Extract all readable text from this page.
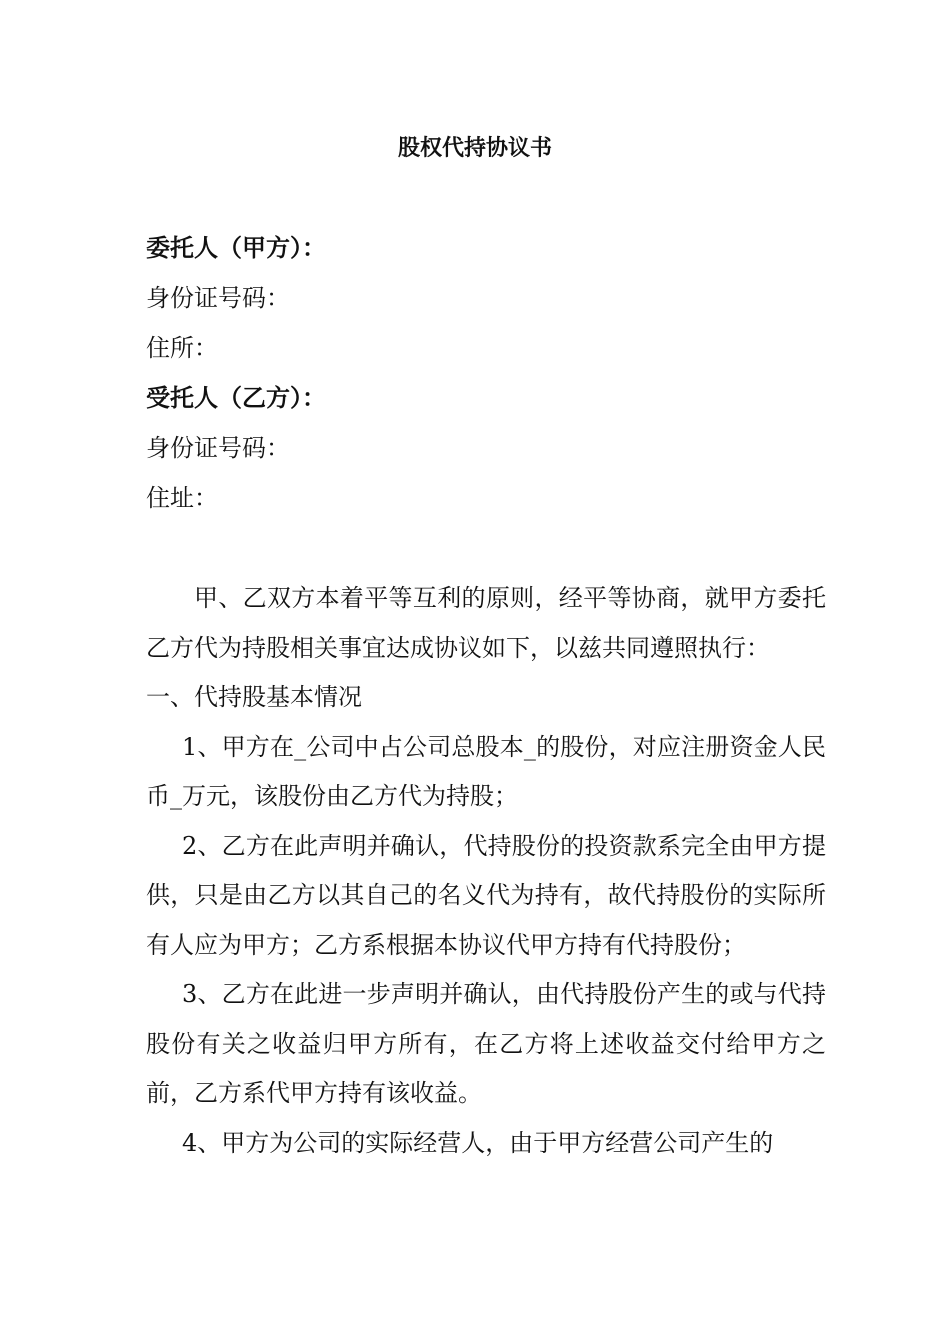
股权代持协议书
委托人（甲方）：
身份证号码：
住所：
受托人（乙方）：
身份证号码：
住址：
甲、乙双方本着平等互利的原则，经平等协商，就甲方委托乙方代为持股相关事宜达成协议如下，以兹共同遵照执行：
一、代持股基本情况
1、甲方在_公司中占公司总股本_的股份，对应注册资金人民币_万元，该股份由乙方代为持股；
2、乙方在此声明并确认，代持股份的投资款系完全由甲方提供，只是由乙方以其自己的名义代为持有，故代持股份的实际所有人应为甲方；乙方系根据本协议代甲方持有代持股份；
3、乙方在此进一步声明并确认，由代持股份产生的或与代持股份有关之收益归甲方所有，在乙方将上述收益交付给甲方之前，乙方系代甲方持有该收益。
4、甲方为公司的实际经营人，由于甲方经营公司产生的
